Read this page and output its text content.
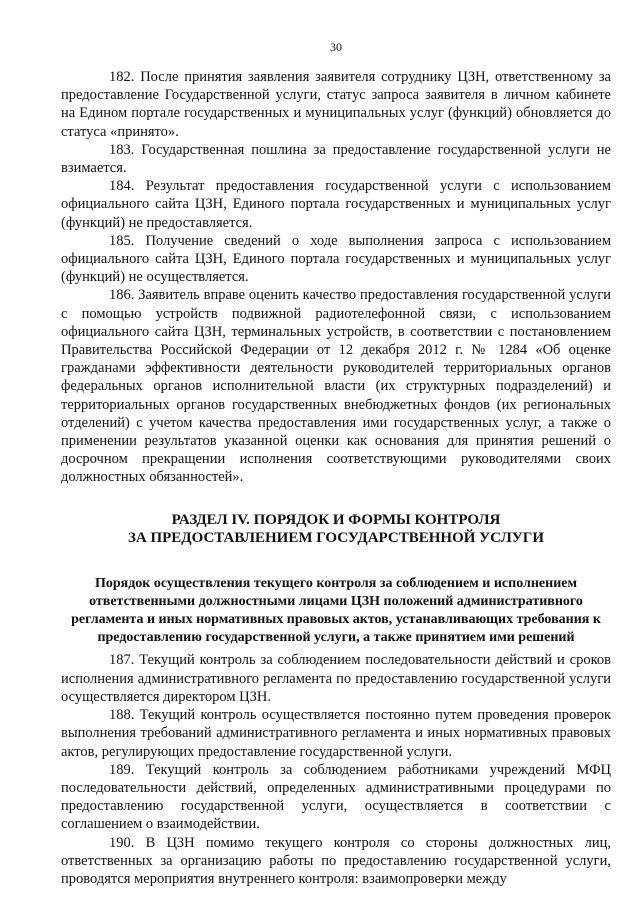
30

182. После принятия заявления заявителя сотруднику ЦЗН, ответственному за предоставление Государственной услуги, статус запроса заявителя в личном кабинете на Едином портале государственных и муниципальных услуг (функций) обновляется до статуса «принято».

183. Государственная пошлина за предоставление государственной услуги не взимается.

184. Результат предоставления государственной услуги с использованием официального сайта ЦЗН, Единого портала государственных и муниципальных услуг (функций) не предоставляется.

185. Получение сведений о ходе выполнения запроса с использованием официального сайта ЦЗН, Единого портала государственных и муниципальных услуг (функций) не осуществляется.

186. Заявитель вправе оценить качество предоставления государственной услуги с помощью устройств подвижной радиотелефонной связи, с использованием официального сайта ЦЗН, терминальных устройств, в соответствии с постановлением Правительства Российской Федерации от 12 декабря 2012 г. № 1284 «Об оценке гражданами эффективности деятельности руководителей территориальных органов федеральных органов исполнительной власти (их структурных подразделений) и территориальных органов государственных внебюджетных фондов (их региональных отделений) с учетом качества предоставления ими государственных услуг, а также о применении результатов указанной оценки как основания для принятия решений о досрочном прекращении исполнения соответствующими руководителями своих должностных обязанностей».

РАЗДЕЛ IV. ПОРЯДОК И ФОРМЫ КОНТРОЛЯ
ЗА ПРЕДОСТАВЛЕНИЕМ ГОСУДАРСТВЕННОЙ УСЛУГИ
Порядок осуществления текущего контроля за соблюдением и исполнением ответственными должностными лицами ЦЗН положений административного регламента и иных нормативных правовых актов, устанавливающих требования к предоставлению государственной услуги, а также принятием ими решений

187. Текущий контроль за соблюдением последовательности действий и сроков исполнения административного регламента по предоставлению государственной услуги осуществляется директором ЦЗН.

188. Текущий контроль осуществляется постоянно путем проведения проверок выполнения требований административного регламента и иных нормативных правовых актов, регулирующих предоставление государственной услуги.

189. Текущий контроль за соблюдением работниками учреждений МФЦ последовательности действий, определенных административными процедурами по предоставлению государственной услуги, осуществляется в соответствии с соглашением о взаимодействии.

190. В ЦЗН помимо текущего контроля со стороны должностных лиц, ответственных за организацию работы по предоставлению государственной услуги, проводятся мероприятия внутреннего контроля: взаимопроверки между
